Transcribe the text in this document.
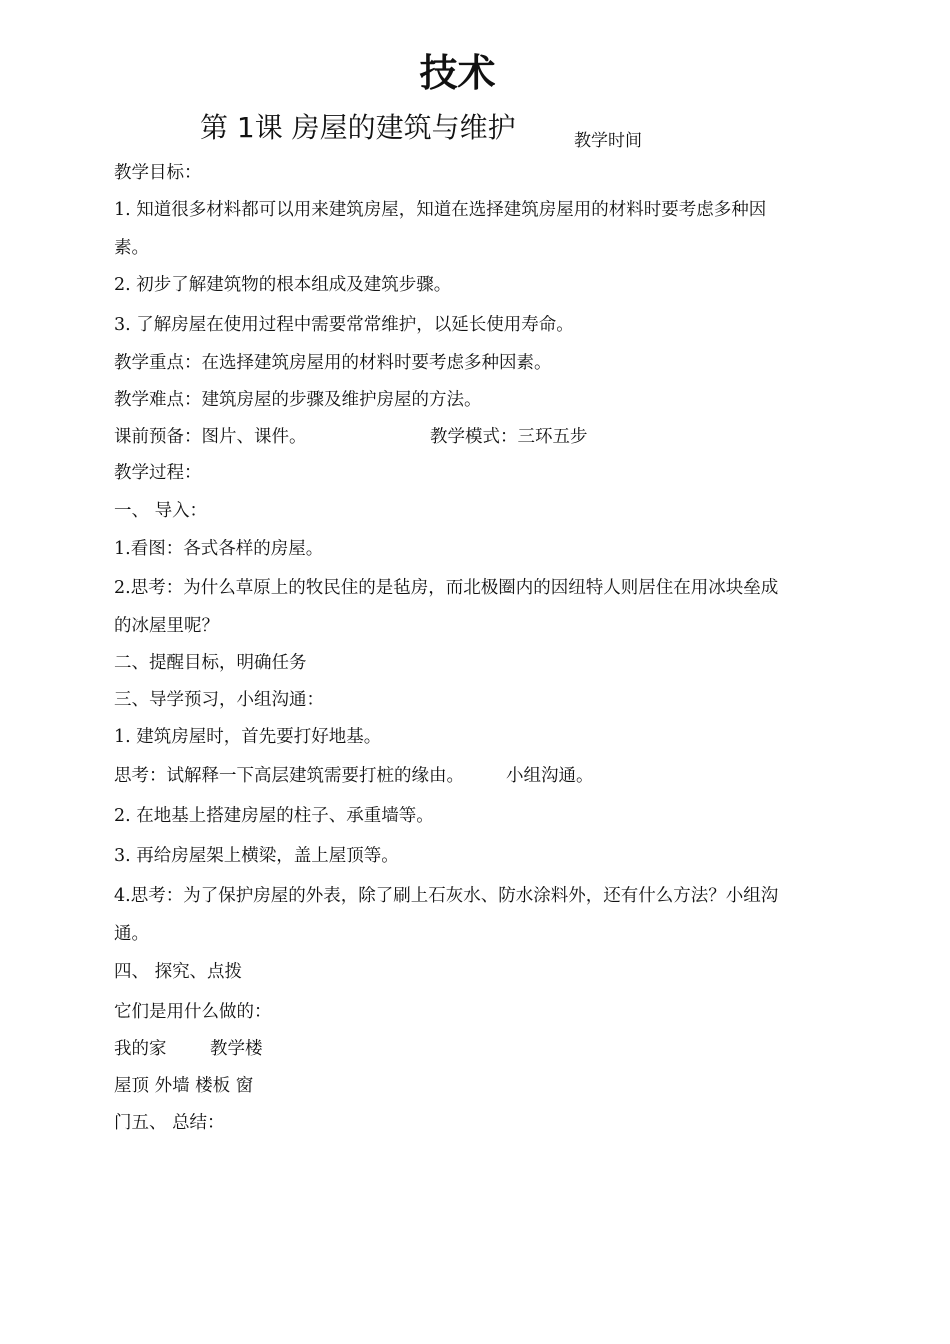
技术
第 1课 房屋的建筑与维护	教学时间
教学目标：
1. 知道很多材料都可以用来建筑房屋，知道在选择建筑房屋用的材料时要考虑多种因
素。
2. 初步了解建筑物的根本组成及建筑步骤。
3. 了解房屋在使用过程中需要常常维护，以延长使用寿命。
教学重点：在选择建筑房屋用的材料时要考虑多种因素。
教学难点：建筑房屋的步骤及维护房屋的方法。
课前预备：图片、课件。	教学模式：三环五步
教学过程：
一、 导入：
1.看图：各式各样的房屋。
2.思考：为什么草原上的牧民住的是毡房，而北极圈内的因纽特人则居住在用冰块垒成
的冰屋里呢？
二、提醒目标，明确任务
三、导学预习，小组沟通：
1. 建筑房屋时，首先要打好地基。
思考：试解释一下高层建筑需要打桩的缘由。 小组沟通。
2. 在地基上搭建房屋的柱子、承重墙等。
3. 再给房屋架上横梁，盖上屋顶等。
4.思考：为了保护房屋的外表，除了刷上石灰水、防水涂料外，还有什么方法？小组沟
通。
四、 探究、点拨
它们是用什么做的：
我的家 教学楼
屋顶 外墙 楼板 窗
门五、 总结：
